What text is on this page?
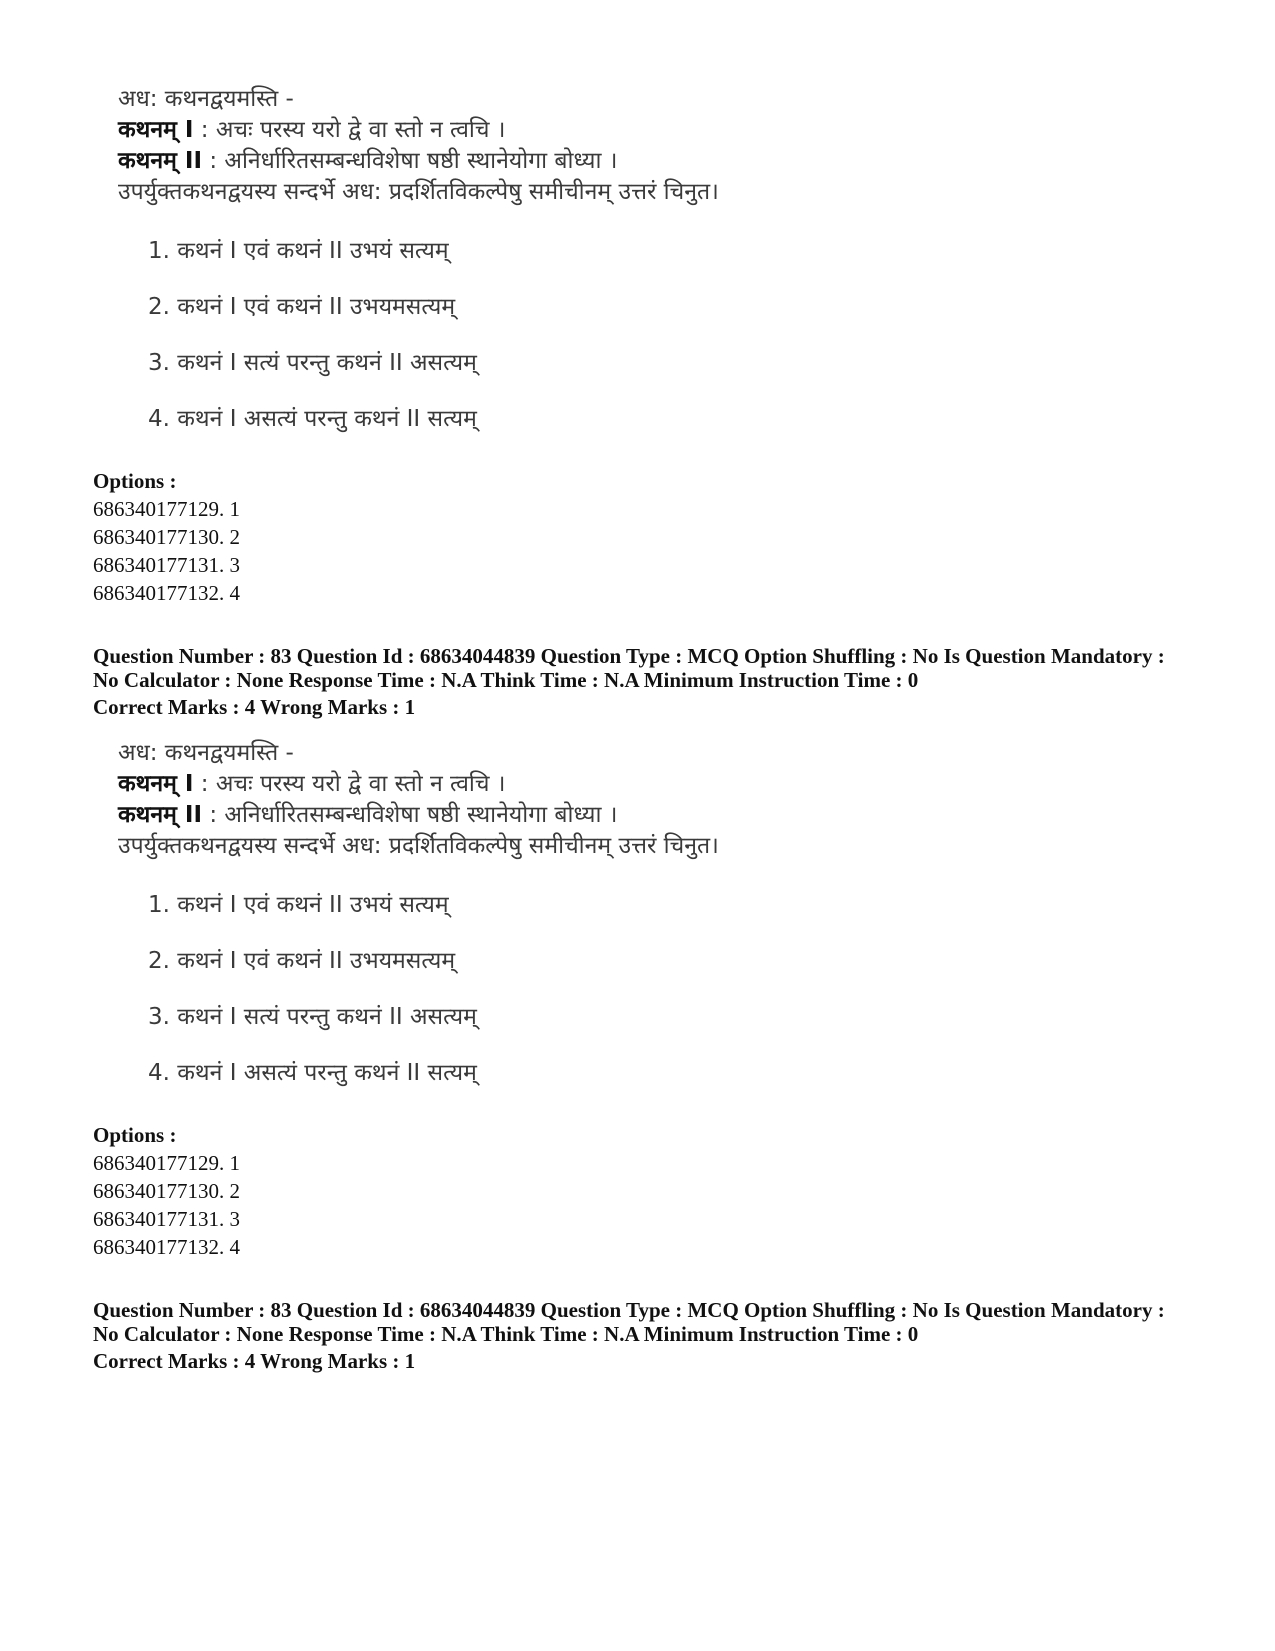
अध: कथनद्वयमस्ति -
कथनम् I : अचः परस्य यरो द्वे वा स्तो न त्वचि ।
कथनम् II : अनिर्धारितसम्बन्धविशेषा षष्ठी स्थानेयोगा बोध्या ।
उपर्युक्तकथनद्वयस्य सन्दर्भे अध: प्रदर्शितविकल्पेषु समीचीनम् उत्तरं चिनुत।
1. कथनं I एवं कथनं II उभयं सत्यम्
2. कथनं I एवं कथनं II उभयमसत्यम्
3. कथनं I सत्यं परन्तु कथनं II असत्यम्
4. कथनं I असत्यं परन्तु कथनं II सत्यम्
Options :
686340177129. 1
686340177130. 2
686340177131. 3
686340177132. 4
Question Number : 83 Question Id : 68634044839 Question Type : MCQ Option Shuffling : No Is Question Mandatory :
No Calculator : None Response Time : N.A Think Time : N.A Minimum Instruction Time : 0
Correct Marks : 4 Wrong Marks : 1
अध: कथनद्वयमस्ति -
कथनम् I : अचः परस्य यरो द्वे वा स्तो न त्वचि ।
कथनम् II : अनिर्धारितसम्बन्धविशेषा षष्ठी स्थानेयोगा बोध्या ।
उपर्युक्तकथनद्वयस्य सन्दर्भे अध: प्रदर्शितविकल्पेषु समीचीनम् उत्तरं चिनुत।
1. कथनं I एवं कथनं II उभयं सत्यम्
2. कथनं I एवं कथनं II उभयमसत्यम्
3. कथनं I सत्यं परन्तु कथनं II असत्यम्
4. कथनं I असत्यं परन्तु कथनं II सत्यम्
Options :
686340177129. 1
686340177130. 2
686340177131. 3
686340177132. 4
Question Number : 83 Question Id : 68634044839 Question Type : MCQ Option Shuffling : No Is Question Mandatory :
No Calculator : None Response Time : N.A Think Time : N.A Minimum Instruction Time : 0
Correct Marks : 4 Wrong Marks : 1
